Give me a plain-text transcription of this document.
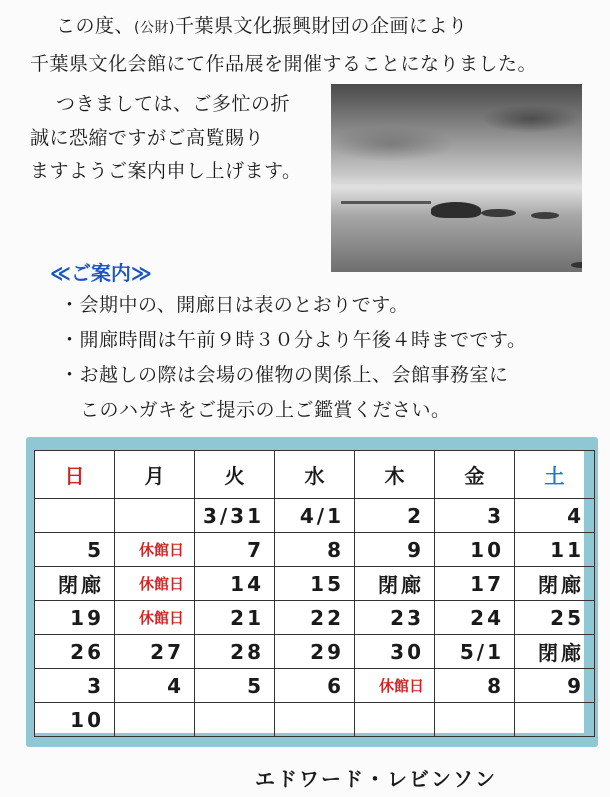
この度、(公財)千葉県文化振興財団の企画により
千葉県文化会館にて作品展を開催することになりました。
つきましては、ご多忙の折
誠に恐縮ですがご高覧賜り
ますようご案内申し上げます。
≪ご案内≫
・会期中の、開廊日は表のとおりです。
・開廊時間は午前９時３０分より午後４時までです。
・お越しの際は会場の催物の関係上、会館事務室に
このハガキをご提示の上ご鑑賞ください。
日	月	火	水	木	金	土
		3/31	4/1	2	3	4
5	休館日	7	8	9	10	11
閉廊	休館日	14	15	閉廊	17	閉廊
19	休館日	21	22	23	24	25
26	27	28	29	30	5/1	閉廊
3	4	5	6	休館日	8	9
10						
エドワード・レビンソン
